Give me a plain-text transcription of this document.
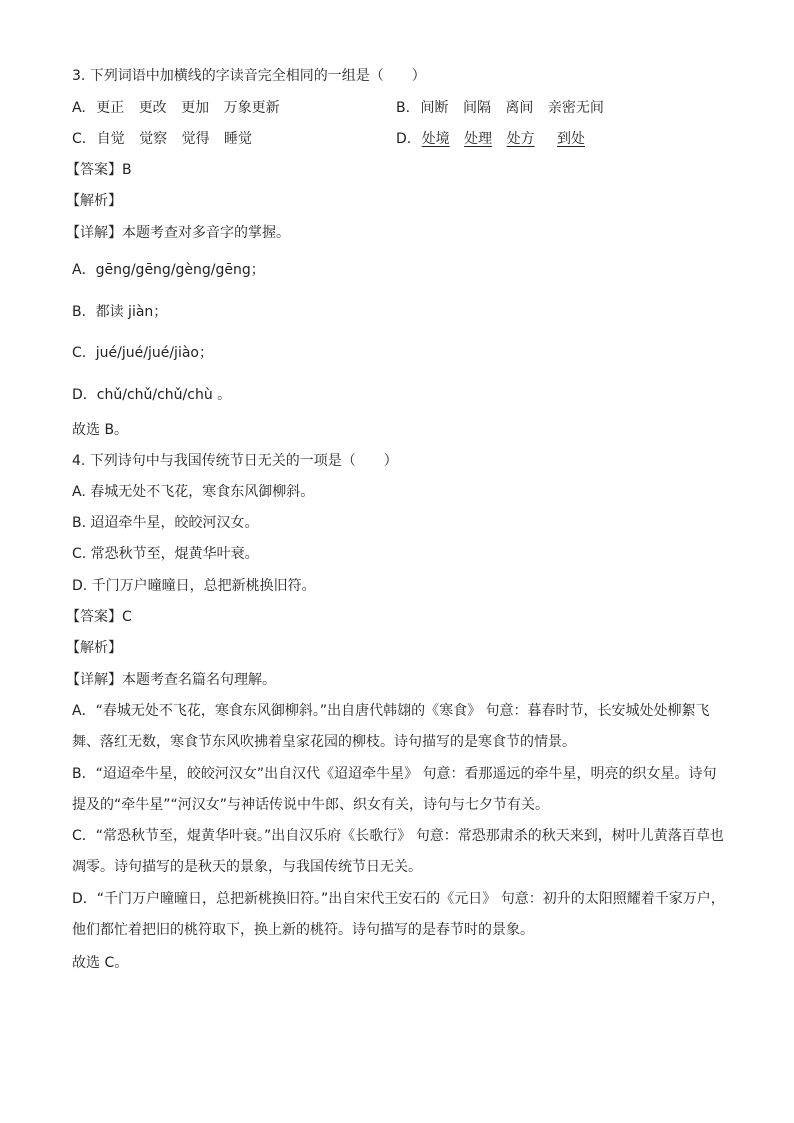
3. 下列词语中加横线的字读音完全相同的一组是（　　）
A. 更正 更改 更加 万象更新	B. 间断 间隔 离间 亲密无间
C. 自觉 觉察 觉得 睡觉	D. 处境 处理 处方 到处
【答案】B
【解析】
【详解】本题考查对多音字的掌握。
A．gēng/gēng/gèng/gēng；
B．都读 jiàn；
C．jué/jué/jué/jiào；
D．chǔ/chǔ/chǔ/chù 。
故选 B。
4. 下列诗句中与我国传统节日无关的一项是（　　）
A. 春城无处不飞花，寒食东风御柳斜。
B. 迢迢牵牛星，皎皎河汉女。
C. 常恐秋节至，焜黄华叶衰。
D. 千门万户曈曈日，总把新桃换旧符。
【答案】C
【解析】
【详解】本题考查名篇名句理解。
A．“春城无处不飞花，寒食东风御柳斜。”出自唐代韩翃的《寒食》 句意：暮春时节，长安城处处柳絮飞舞、落红无数，寒食节东风吹拂着皇家花园的柳枝。诗句描写的是寒食节的情景。
B．“迢迢牵牛星，皎皎河汉女”出自汉代《迢迢牵牛星》 句意：看那遥远的牵牛星，明亮的织女星。诗句提及的“牵牛星”“河汉女”与神话传说中牛郎、织女有关，诗句与七夕节有关。
C．“常恐秋节至，焜黄华叶衰。”出自汉乐府《长歌行》 句意：常恐那肃杀的秋天来到，树叶儿黄落百草也凋零。诗句描写的是秋天的景象，与我国传统节日无关。
D．“千门万户曈曈日，总把新桃换旧符。”出自宋代王安石的《元日》 句意：初升的太阳照耀着千家万户，他们都忙着把旧的桃符取下，换上新的桃符。诗句描写的是春节时的景象。
故选 C。
